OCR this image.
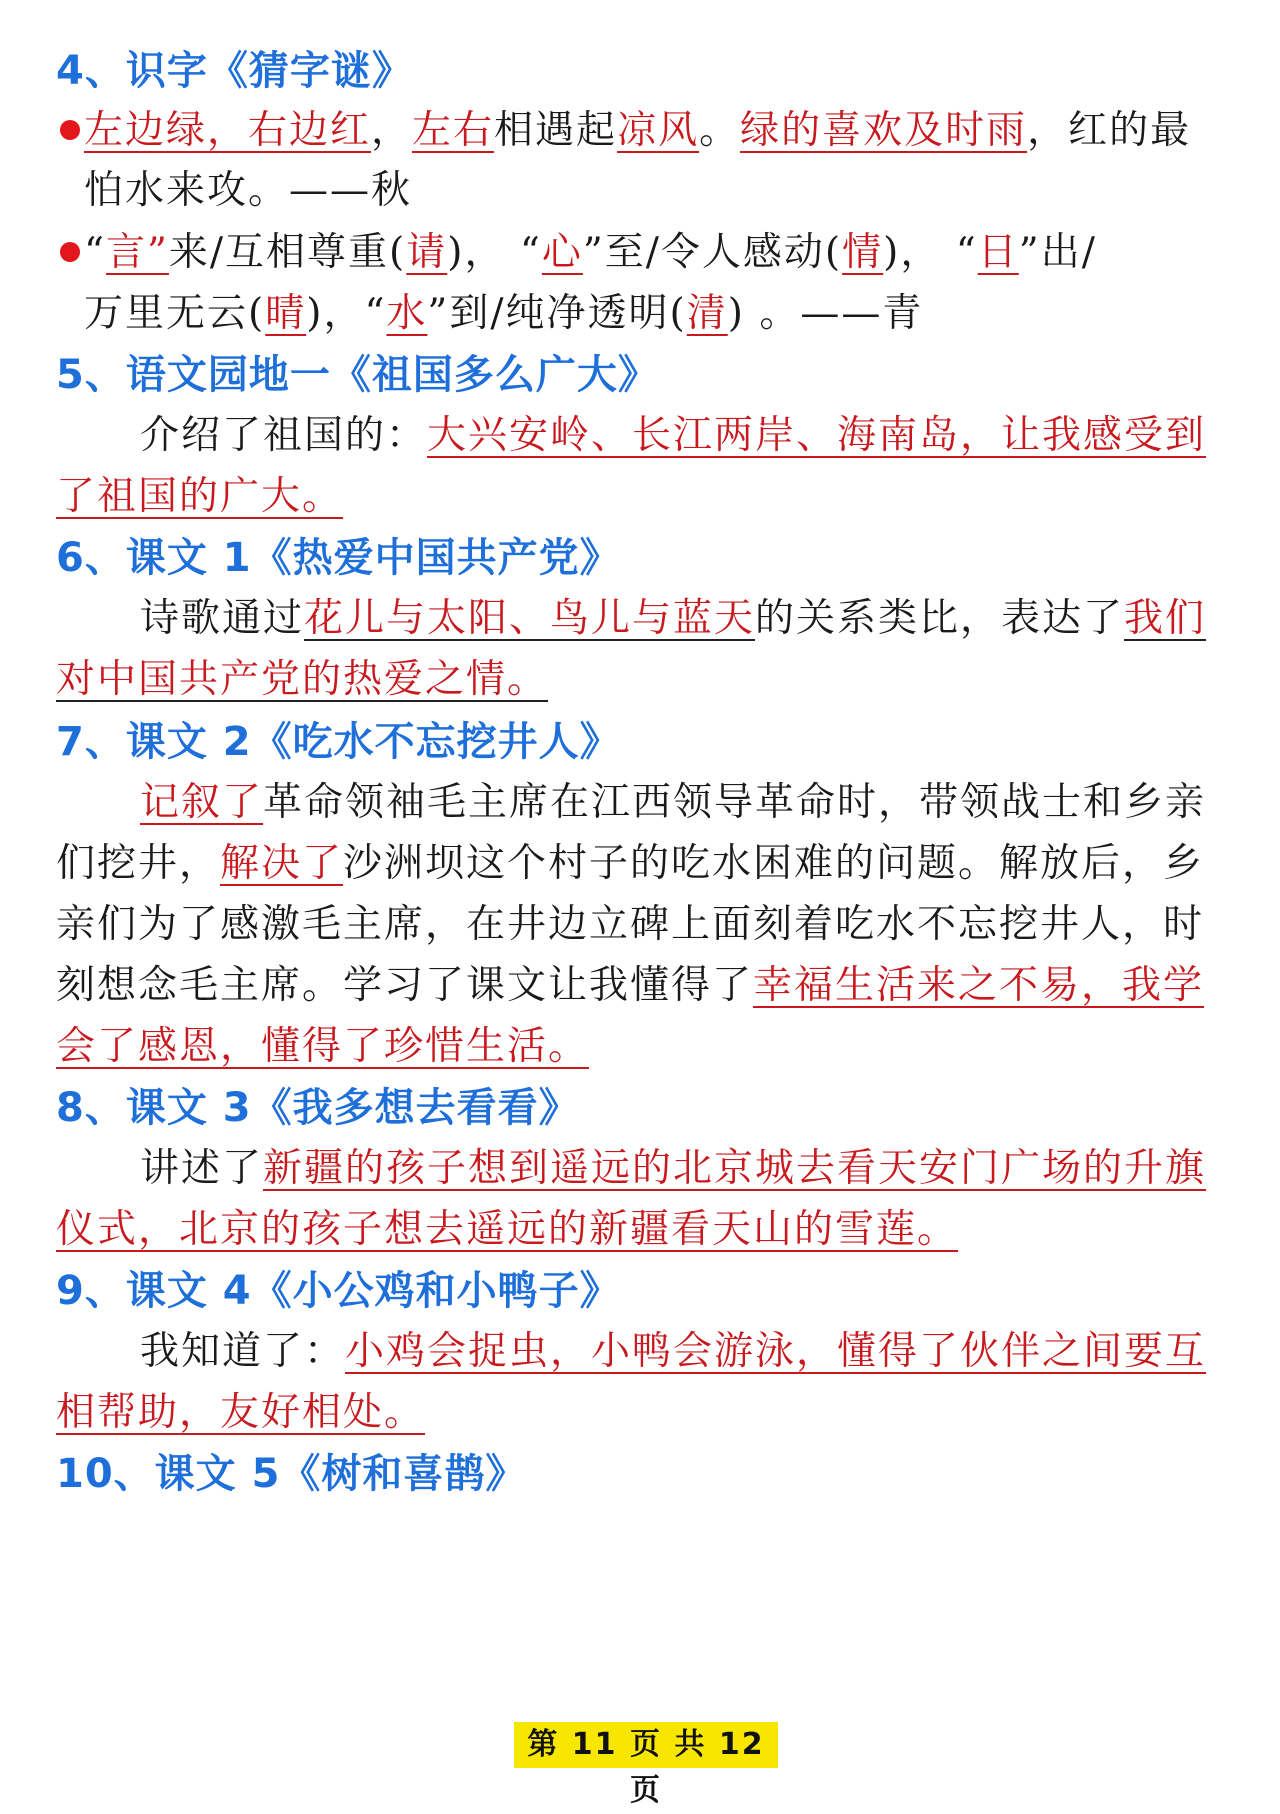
4、识字《猜字谜》
左边绿，右边红，左右相遇起凉风。绿的喜欢及时雨，红的最
怕水来攻。——秋
“言”来/互相尊重(请)， “心”至/令人感动(情)， “日”出/
万里无云(晴)，“水”到/纯净透明(清) 。——青
5、语文园地一《祖国多么广大》
介绍了祖国的：大兴安岭、长江两岸、海南岛，让我感受到
了祖国的广大。
6、课文 1《热爱中国共产党》
诗歌通过花儿与太阳、鸟儿与蓝天的关系类比，表达了我们
对中国共产党的热爱之情。
7、课文 2《吃水不忘挖井人》
记叙了革命领袖毛主席在江西领导革命时，带领战士和乡亲
们挖井，解决了沙洲坝这个村子的吃水困难的问题。解放后，乡
亲们为了感激毛主席，在井边立碑上面刻着吃水不忘挖井人，时
刻想念毛主席。学习了课文让我懂得了幸福生活来之不易，我学
会了感恩，懂得了珍惜生活。
8、课文 3《我多想去看看》
讲述了新疆的孩子想到遥远的北京城去看天安门广场的升旗
仪式，北京的孩子想去遥远的新疆看天山的雪莲。
9、课文 4《小公鸡和小鸭子》
我知道了：小鸡会捉虫，小鸭会游泳，懂得了伙伴之间要互
相帮助，友好相处。
10、课文 5《树和喜鹊》
第 11 页 共 12 页
